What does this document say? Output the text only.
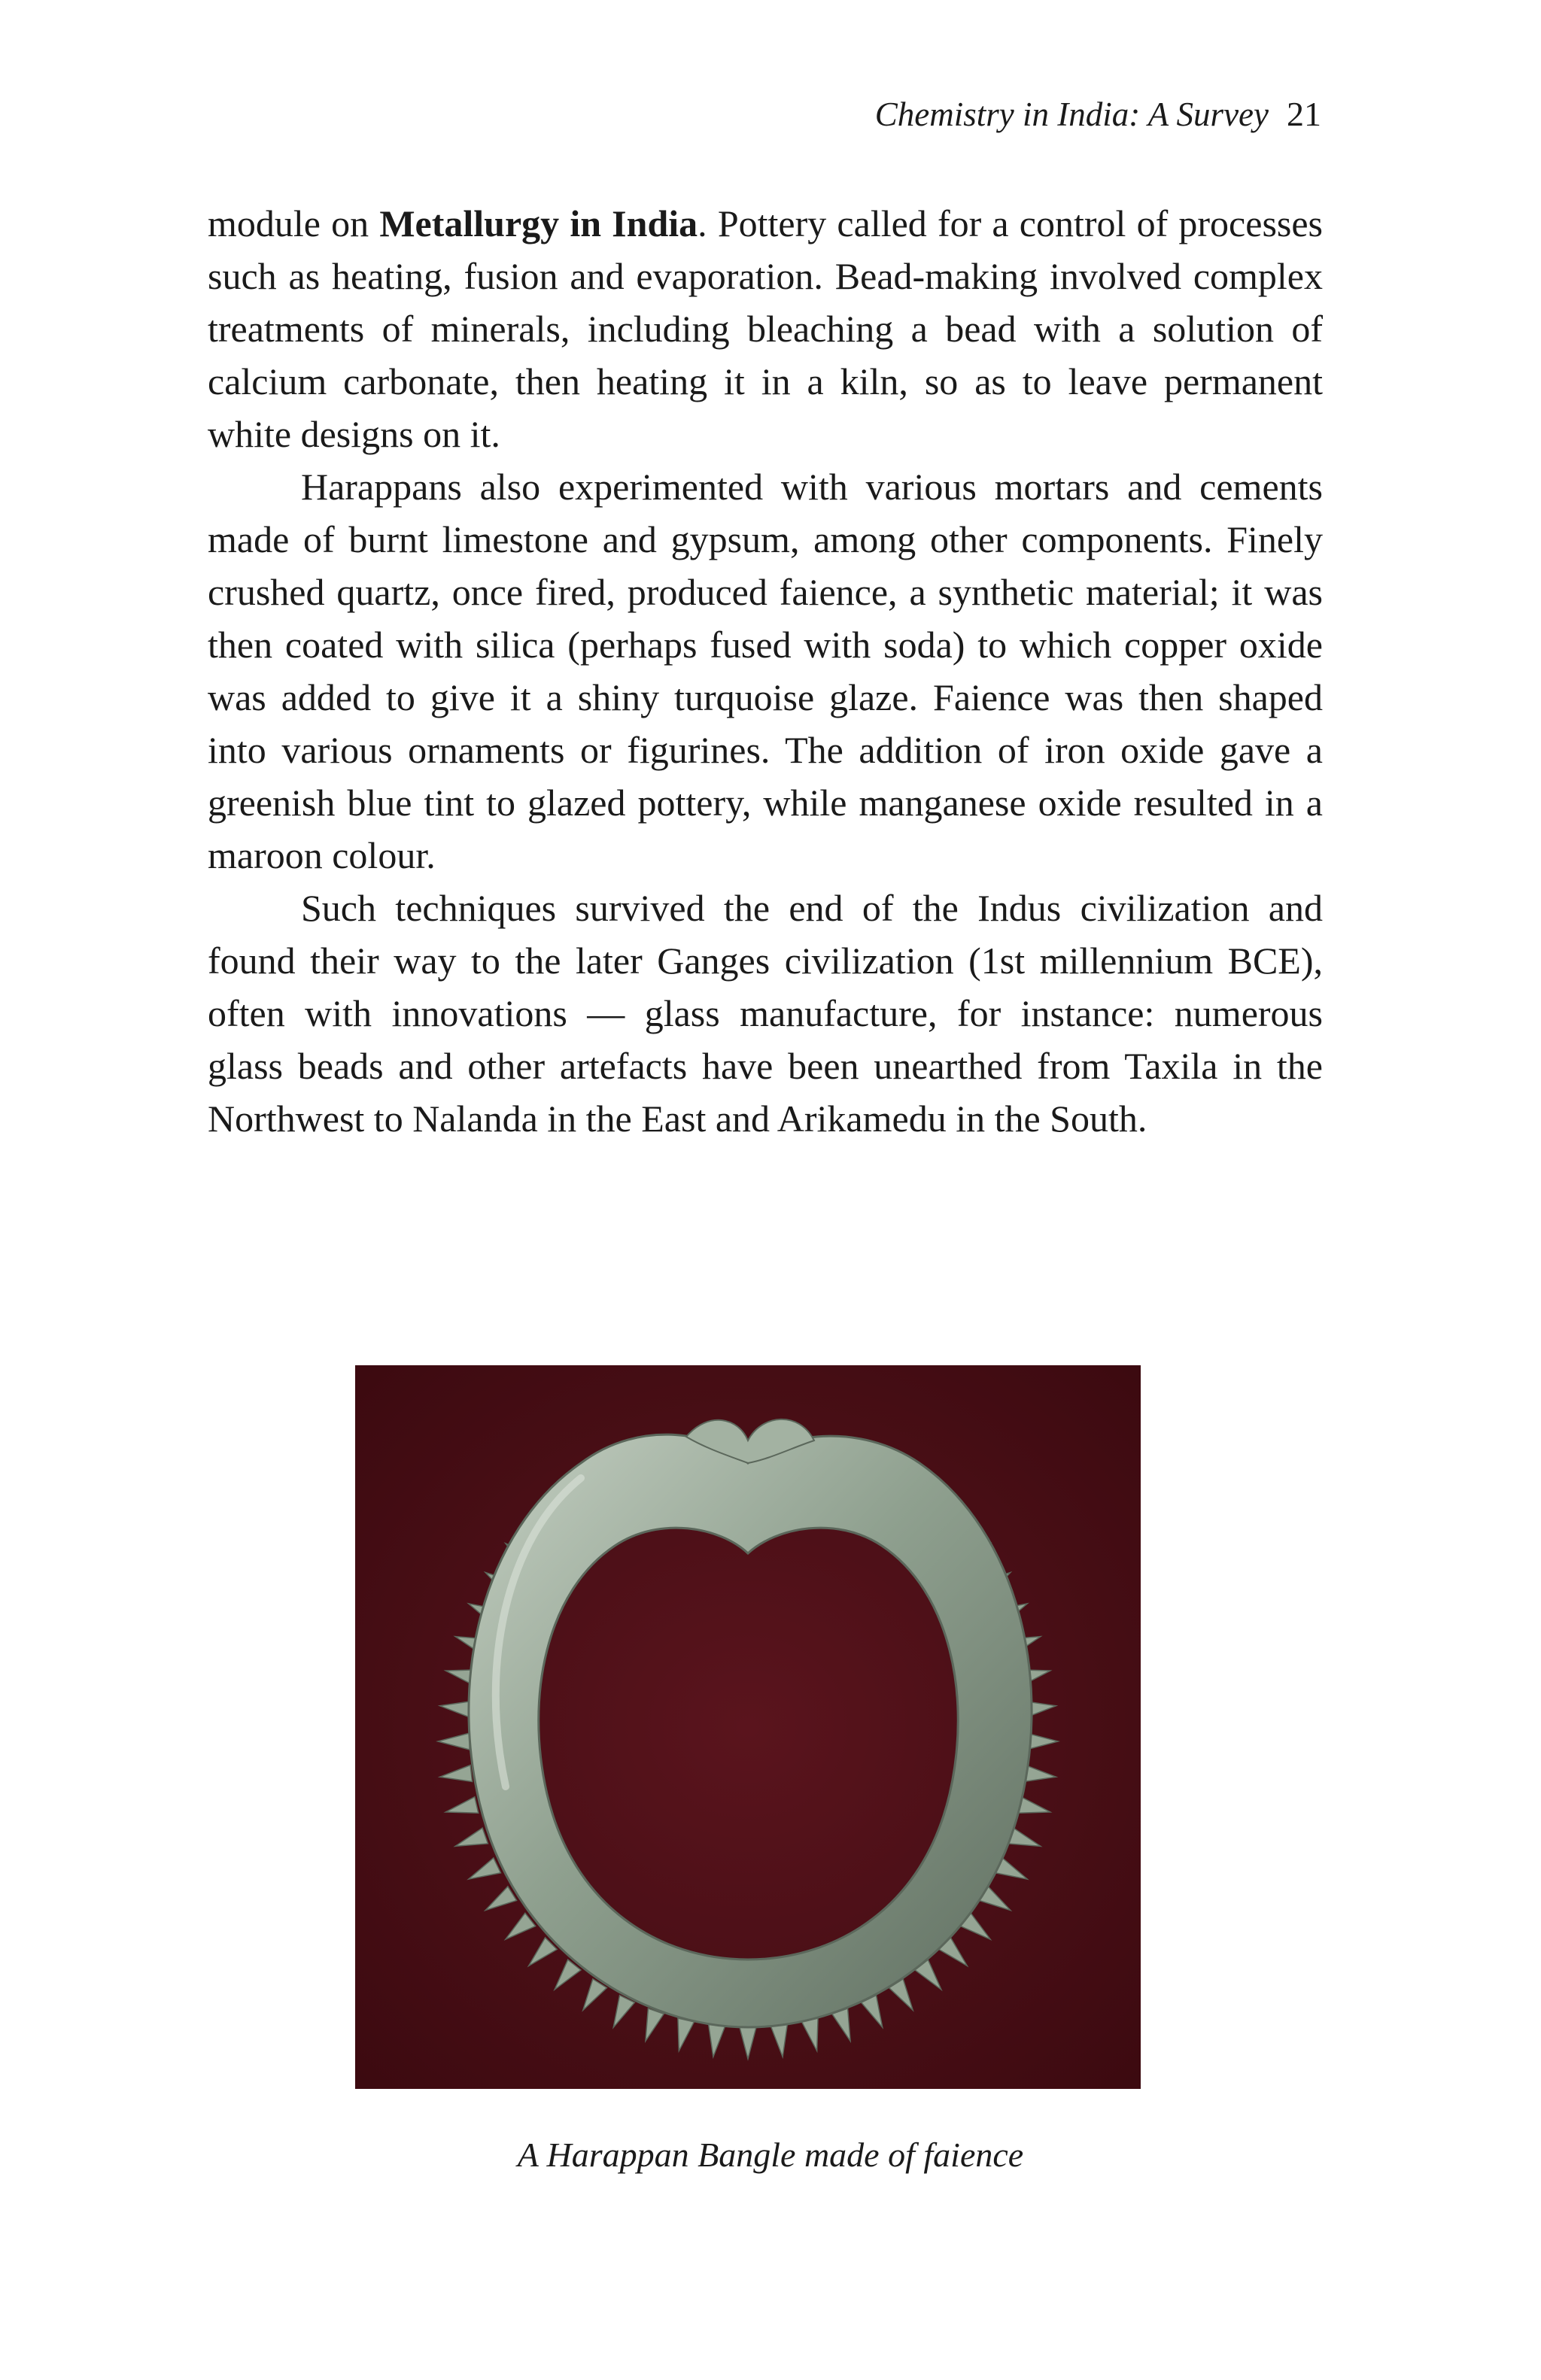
Chemistry in India: A Survey 21

module on Metallurgy in India. Pottery called for a control of processes such as heating, fusion and evaporation. Bead-making involved complex treatments of minerals, including bleaching a bead with a solution of calcium carbonate, then heating it in a kiln, so as to leave permanent white designs on it.

Harappans also experimented with various mortars and cements made of burnt limestone and gypsum, among other components. Finely crushed quartz, once fired, produced faience, a synthetic material; it was then coated with silica (perhaps fused with soda) to which copper oxide was added to give it a shiny turquoise glaze. Faience was then shaped into various ornaments or figurines. The addition of iron oxide gave a greenish blue tint to glazed pottery, while manganese oxide resulted in a maroon colour.

Such techniques survived the end of the Indus civilization and found their way to the later Ganges civilization (1st millennium BCE), often with innovations — glass manufacture, for instance: numerous glass beads and other artefacts have been unearthed from Taxila in the Northwest to Nalanda in the East and Arikamedu in the South.

A Harappan Bangle made of faience
